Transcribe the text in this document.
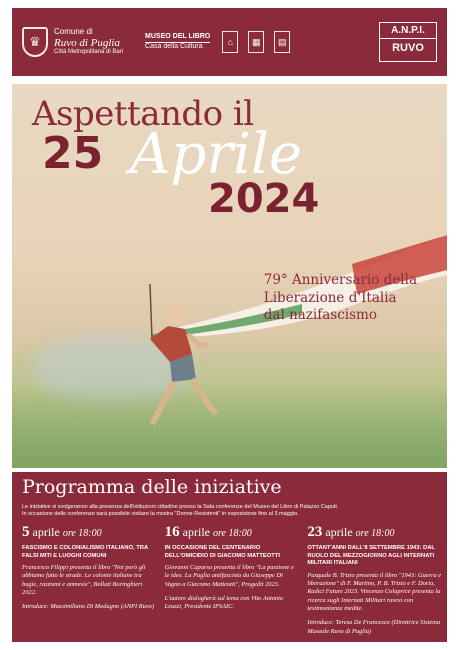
♛
Comune di
Ruvo di Puglia
Città Metropolitana di Bari
MUSEO DEL LIBRO
Casa della Cultura	⌂	▦	▤
A.N.P.I.
RUVO
Aspettando il
25 Aprile
2024
79° Anniversario della
Liberazione d'Italia
dal nazifascismo
Programma delle iniziative
Le iniziative si svolgeranno alla presenza dell'istituzioni cittadine presso la Sala conferenze del Museo del Libro di Palazzo Caputi.
In occasione delle conferenze sarà possibile visitare la mostra "Donne Resistenti" in esposizione fino al 3 maggio.
5 aprile ore 18:00
FASCISMO E COLONIALISMO ITALIANO, TRA FALSI MITI E LUOGHI COMUNI
Francesco Filippi presenta il libro "Noi però gli abbiamo fatto le strade. Le colonie italiane tra bugie, razzismi e amnesie", Bollati Boringhieri 2022.
Introduce: Massimiliano Di Modugno (ANPI Ruvo)
16 aprile ore 18:00
IN OCCASIONE DEL CENTENARIO DELL'OMICIDIO DI GIACOMO MATTEOTTI
Giovanni Capurso presenta il libro "La passione e le idee. La Puglia antifascista da Giuseppe Di Vagno a Giacomo Matteotti", Progedit 2023.
L'autore dialogherà sul tema con Vito Antonio Leuzzi, Presidente IPSAIC.
23 aprile ore 18:00
OTTANT'ANNI DALL'8 SETTEMBRE 1943: DAL RUOLO DEL MEZZOGIORNO AGLI INTERNATI MILITARI ITALIANI
Pasquale B. Trizio presenta il libro "1943: Guerra e liberazione" di F. Martino, P. B. Trizio e F. Doria, Radici Future 2023. Vincenzo Colaprice presenta la ricerca sugli Internati Militari ruvesi con testimonianze inedite.
Introduce: Teresa De Francesco (Direttrice Sistema Museale Ruvo di Puglia)
